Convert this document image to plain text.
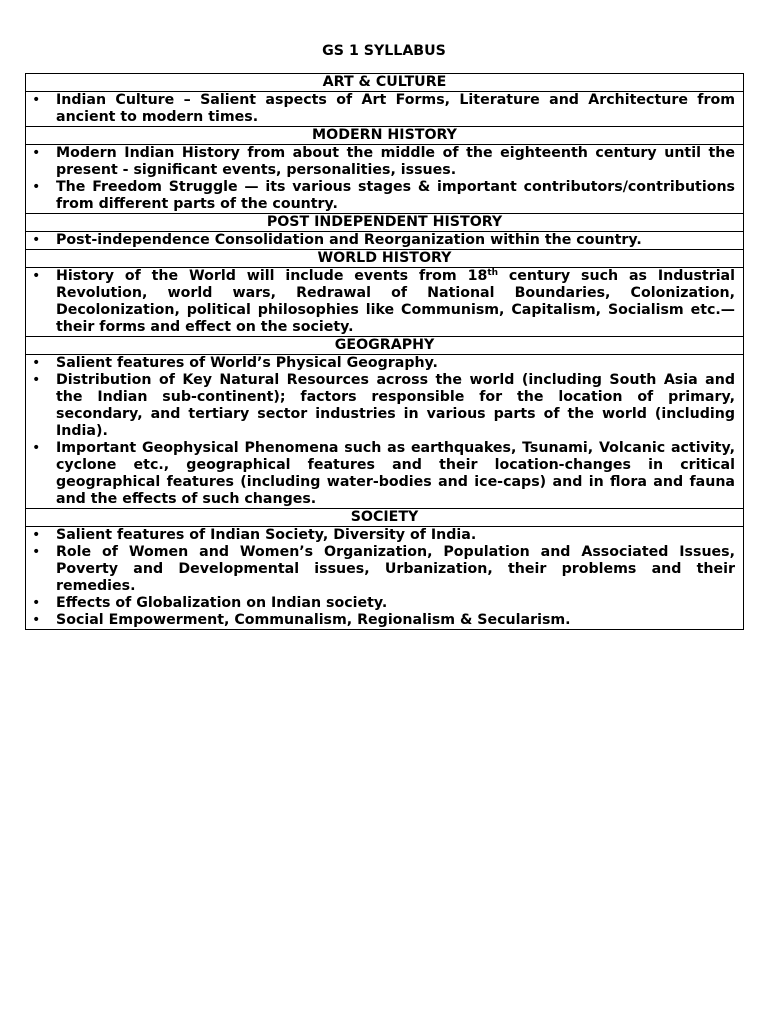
GS 1 SYLLABUS
ART & CULTURE

• Indian Culture – Salient aspects of Art Forms, Literature and Architecture from ancient to modern times.

MODERN HISTORY

• Modern Indian History from about the middle of the eighteenth century until the present - significant events, personalities, issues.
• The Freedom Struggle — its various stages & important contributors/contributions from different parts of the country.

POST INDEPENDENT HISTORY

• Post-independence Consolidation and Reorganization within the country.

WORLD HISTORY

• History of the World will include events from 18th century such as Industrial Revolution, world wars, Redrawal of National Boundaries, Colonization, Decolonization, political philosophies like Communism, Capitalism, Socialism etc.— their forms and effect on the society.

GEOGRAPHY

• Salient features of World’s Physical Geography.
• Distribution of Key Natural Resources across the world (including South Asia and the Indian sub-continent); factors responsible for the location of primary, secondary, and tertiary sector industries in various parts of the world (including India).
• Important Geophysical Phenomena such as earthquakes, Tsunami, Volcanic activity, cyclone etc., geographical features and their location-changes in critical geographical features (including water-bodies and ice-caps) and in flora and fauna and the effects of such changes.

SOCIETY

• Salient features of Indian Society, Diversity of India.
• Role of Women and Women’s Organization, Population and Associated Issues, Poverty and Developmental issues, Urbanization, their problems and their remedies.
• Effects of Globalization on Indian society.
• Social Empowerment, Communalism, Regionalism & Secularism.
